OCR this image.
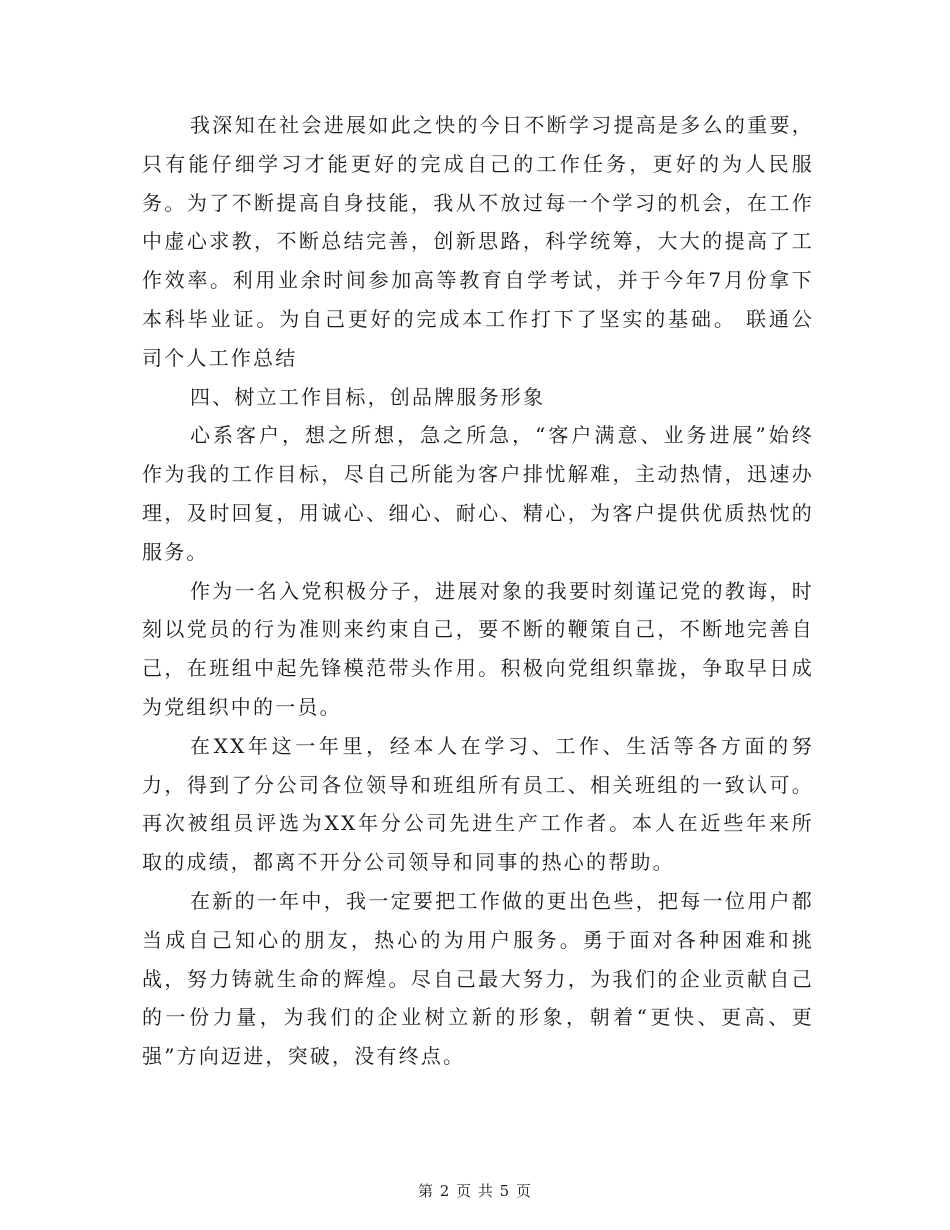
我深知在社会进展如此之快的今日不断学习提高是多么的重要，只有能仔细学习才能更好的完成自己的工作任务，更好的为人民服务。为了不断提高自身技能，我从不放过每一个学习的机会，在工作中虚心求教，不断总结完善，创新思路，科学统筹，大大的提高了工作效率。利用业余时间参加高等教育自学考试，并于今年7月份拿下本科毕业证。为自己更好的完成本工作打下了坚实的基础。 联通公司个人工作总结

四、树立工作目标，创品牌服务形象

心系客户，想之所想，急之所急，“客户满意、业务进展”始终作为我的工作目标，尽自己所能为客户排忧解难，主动热情，迅速办理，及时回复，用诚心、细心、耐心、精心，为客户提供优质热忱的服务。

作为一名入党积极分子，进展对象的我要时刻谨记党的教诲，时刻以党员的行为准则来约束自己，要不断的鞭策自己，不断地完善自己，在班组中起先锋模范带头作用。积极向党组织靠拢，争取早日成为党组织中的一员。

在XX年这一年里，经本人在学习、工作、生活等各方面的努力，得到了分公司各位领导和班组所有员工、相关班组的一致认可。再次被组员评选为XX年分公司先进生产工作者。本人在近些年来所取的成绩，都离不开分公司领导和同事的热心的帮助。

在新的一年中，我一定要把工作做的更出色些，把每一位用户都当成自己知心的朋友，热心的为用户服务。勇于面对各种困难和挑战，努力铸就生命的辉煌。尽自己最大努力，为我们的企业贡献自己的一份力量，为我们的企业树立新的形象，朝着“更快、更高、更强”方向迈进，突破，没有终点。

第 2 页 共 5 页
